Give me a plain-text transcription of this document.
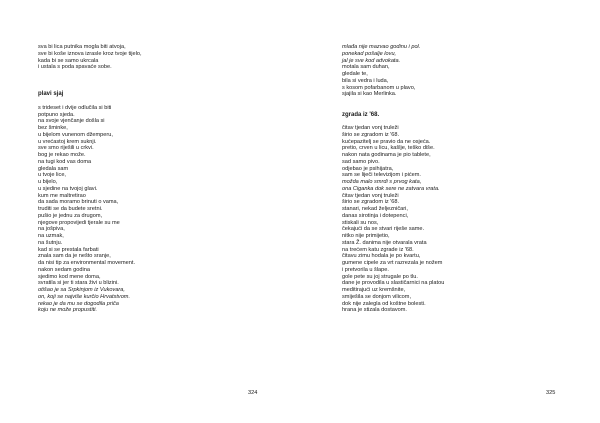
sva bi lica putnika mogla biti atvoja,
sve bi koše iznova izrasle kroz tvoje tijelo,
kada bi se samo ukrcala
i ustala s poda spavaće sobe.
plavi sjaj
s trideset i dvije odlučila si biti
potpuno sjeda.
na svoje vjenčanje došla si
bez šminke,
u bijelom vunenom džemperu,
u vrećastoj krem suknji.
sve smo riješili u crkvi.
bog je rekao može.
na tugi kod vas doma
gledala sam
u tvoje lice,
u bijelo,
u sjedine na tvojoj glavi.
kum me maltretirao
da sada moramo brinuti o vama,
truditi se da budete sretni.
pušio je jednu za drugom,
njegove propovijedi tjerale su me
na jošpiva,
na uzmak,
na šutnju.
kad si se prestala farbati
znala sam da je nešto sranje,
da nisi tip za environmental movement.
nakon sedam godina
sjedimo kod mene doma,
svratila si jer ti stara živi u blizini.
otišao je sa Srpkinjom iz Vukovara,
on, koji se najviše kurčio Hrvatstvom.
rekao je da mu se dogodila priča
koju ne može propustiti.
324
mlađa nije mazvao godinu i pol.
ponekad pošalje lovu,
jal je sve kod advokata.
motala sam duhan,
gledale te,
bila si vedra i luda,
s kosom pofarbanom u plavo,
sjajila si kao Merlinka.
zgrada iz '68.
čitav tjedan vonj truleži
širio se zgradom iz '68.
kućepazitelj se pravio da ne osjeća.
pretio, crven u licu, kašlje, teško diše.
nakon nata godinama je pio tablete,
sad samo pivo.
odjebao je psihijatra,
sam se liječi televizijom i pićem.
možda malo smrdi s prvog kata,
ona Ciganka dok sere ne zatvara vrata.
čitav tjedan vonj truleži
širio se zgradom iz '68.
stanari, nekad željezničari,
danas sirotinja i dotepenci,
stiskali su nos,
čekajući da se stvari riješe same.
nitko nije primijetio,
stara Ž. danima nije otvarala vrata
na trećem katu zgrade iz '68.
čitavu zimu hodala je po kvartu,
gumene cipele za vrt razrezala je nožem
i pretvorila u šlape.
gole pete su joj strugale po tlu.
dane je provodila u slastičarnici na platou
meditirajući uz kremšnite,
smiješila se donjom vilicom,
dok nije zalegla od koštne bolesti.
hrana je stizala dostavom.
325
